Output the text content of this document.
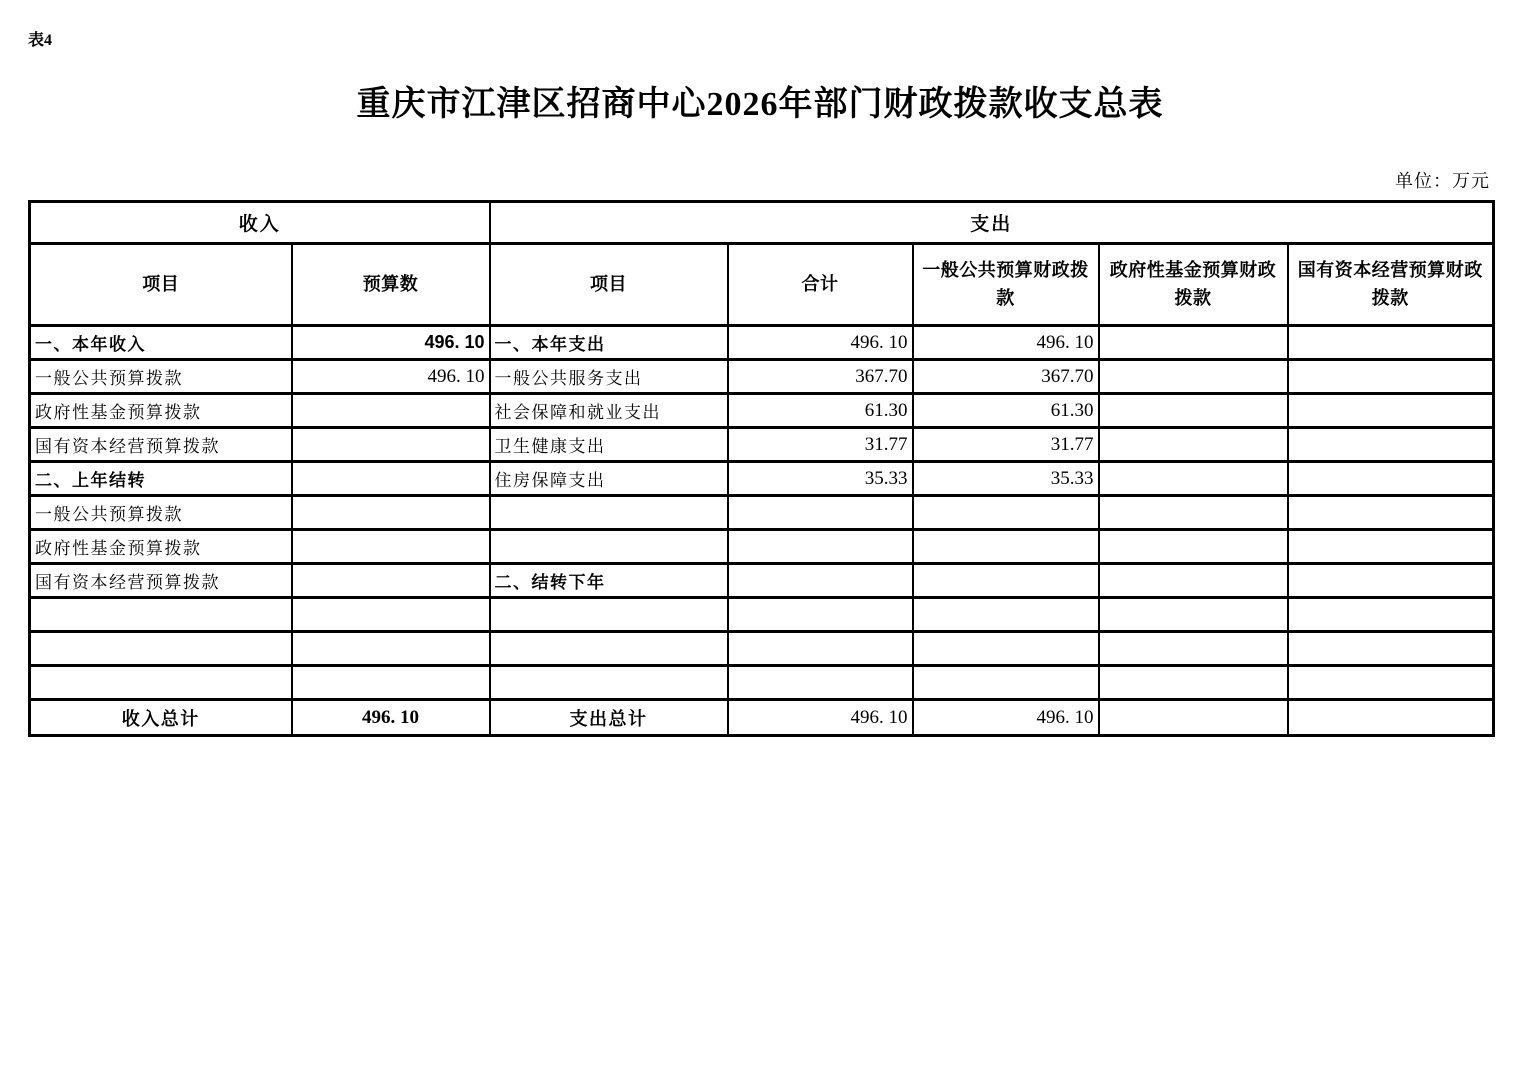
表4
重庆市江津区招商中心2026年部门财政拨款收支总表
单位：万元
收入		支出				
项目	预算数	项目	合计	一般公共预算财政拨款	政府性基金预算财政拨款	国有资本经营预算财政拨款
一、本年收入	496. 10	一、本年支出	496. 10	496. 10		
一般公共预算拨款	496. 10	一般公共服务支出	367.70	367.70		
政府性基金预算拨款		社会保障和就业支出	61.30	61.30		
国有资本经营预算拨款		卫生健康支出	31.77	31.77		
二、上年结转		住房保障支出	35.33	35.33		
一般公共预算拨款						
政府性基金预算拨款						
国有资本经营预算拨款		二、结转下年				

收入总计	496. 10	支出总计	496. 10	496. 10		
